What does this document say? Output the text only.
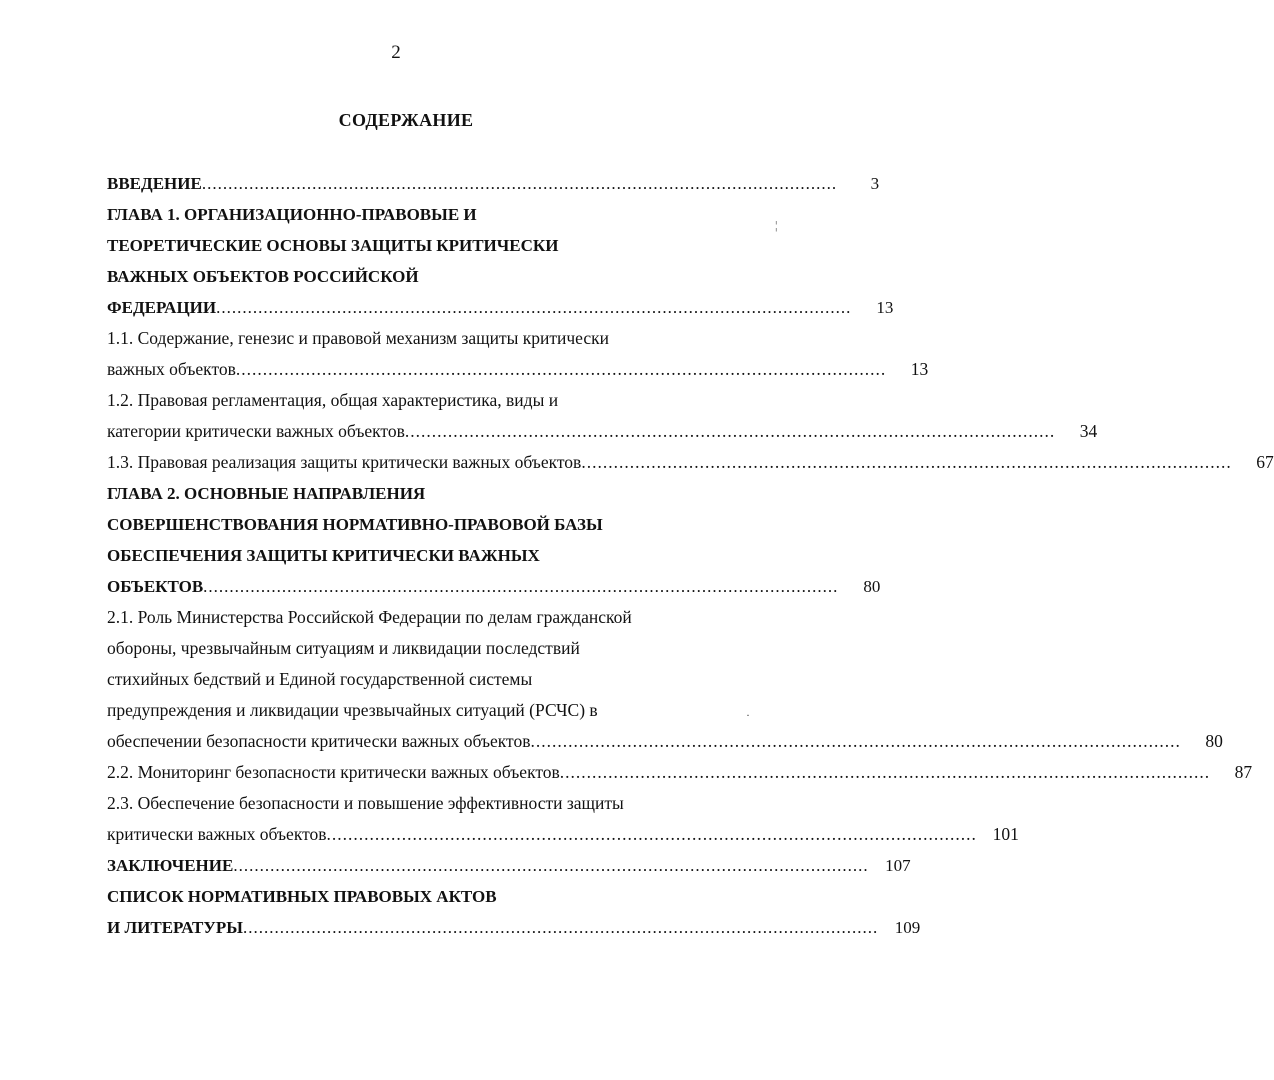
2
СОДЕРЖАНИЕ
ВВЕДЕНИЕ .........................................................................................................................	3
ГЛАВА 1. ОРГАНИЗАЦИОННО-ПРАВОВЫЕ И
ТЕОРЕТИЧЕСКИЕ ОСНОВЫ ЗАЩИТЫ КРИТИЧЕСКИ
ВАЖНЫХ ОБЪЕКТОВ РОССИЙСКОЙ
ФЕДЕРАЦИИ .........................................................................................................................	13
1.1. Содержание, генезис и правовой механизм защиты критически
важных объектов .........................................................................................................................	13
1.2. Правовая регламентация, общая характеристика, виды и
категории критически важных объектов .........................................................................................................................	34
1.3. Правовая реализация защиты критически важных объектов .........................................................................................................................	67
ГЛАВА 2. ОСНОВНЫЕ НАПРАВЛЕНИЯ
СОВЕРШЕНСТВОВАНИЯ НОРМАТИВНО-ПРАВОВОЙ БАЗЫ
ОБЕСПЕЧЕНИЯ ЗАЩИТЫ КРИТИЧЕСКИ ВАЖНЫХ
ОБЪЕКТОВ .........................................................................................................................	80
2.1. Роль Министерства Российской Федерации по делам гражданской
обороны, чрезвычайным ситуациям и ликвидации последствий
стихийных бедствий и Единой государственной системы
предупреждения и ликвидации чрезвычайных ситуаций (РСЧС) в
обеспечении безопасности критически важных объектов .........................................................................................................................	80
2.2. Мониторинг безопасности критически важных объектов .........................................................................................................................	87
2.3. Обеспечение безопасности и повышение эффективности защиты
критически важных объектов ......................................................................................................................... 101
ЗАКЛЮЧЕНИЕ ......................................................................................................................... 107
СПИСОК НОРМАТИВНЫХ ПРАВОВЫХ АКТОВ
И ЛИТЕРАТУРЫ ......................................................................................................................... 109
¦
·
